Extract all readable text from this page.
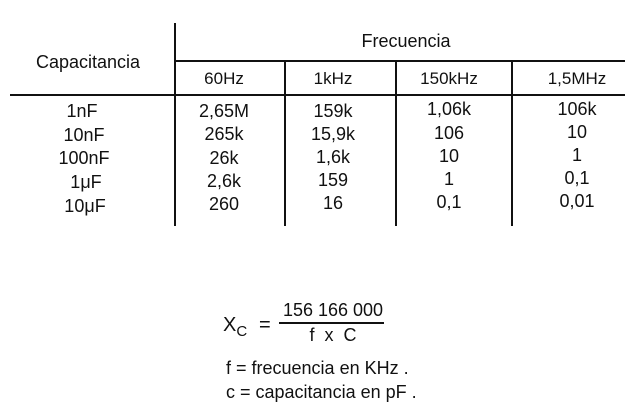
Capacitancia
Frecuencia
60Hz	1kHz	150kHz	1,5MHz
1nF	2,65M	159k	1,06k	106k
10nF	265k	15,9k	106	10
100nF	26k	1,6k	10	1
1μF	2,6k	159	1	0,1
10μF	260	16	0,1	0,01
$X_C$ =
156 166 000
f  x  C
f = frecuencia en KHz .
c = capacitancia en pF .
